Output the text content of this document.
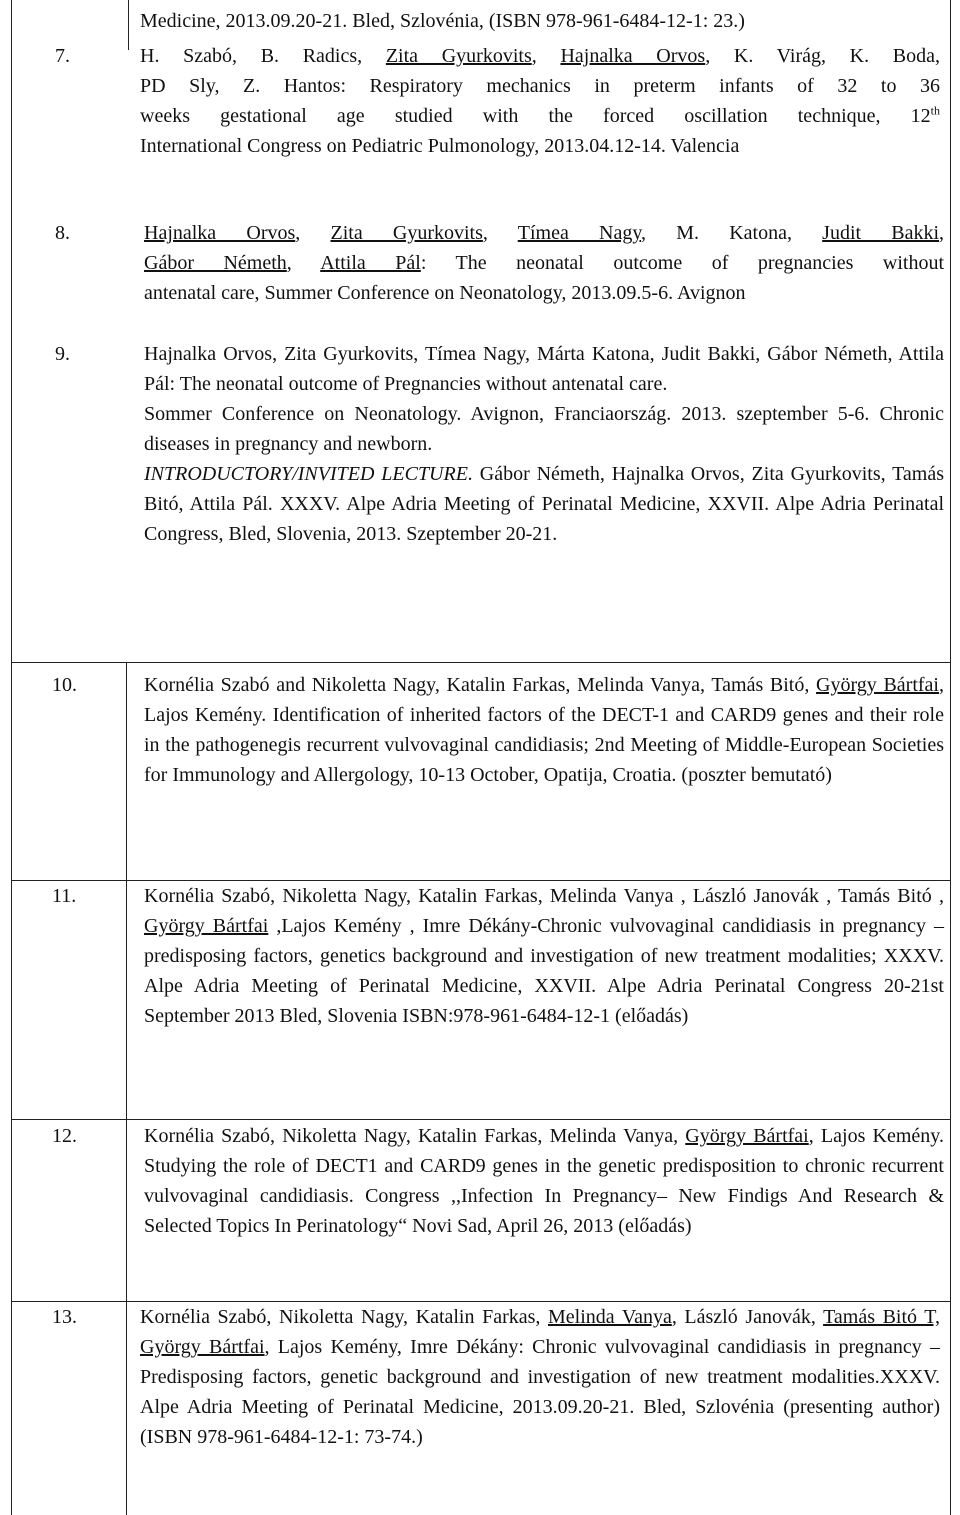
Medicine, 2013.09.20-21. Bled, Szlovénia, (ISBN 978-961-6484-12-1: 23.)
7.	H. Szabó, B. Radics, Zita Gyurkovits, Hajnalka Orvos, K. Virág, K. Boda,
PD Sly, Z. Hantos: Respiratory mechanics in preterm infants of 32 to 36
weeks gestational age studied with the forced oscillation technique, 12th
International Congress on Pediatric Pulmonology, 2013.04.12-14. Valencia
8.	Hajnalka Orvos, Zita Gyurkovits, Tímea Nagy, M. Katona, Judit Bakki,
Gábor Németh, Attila Pál: The neonatal outcome of pregnancies without
antenatal care, Summer Conference on Neonatology, 2013.09.5-6. Avignon
9.	Hajnalka Orvos, Zita Gyurkovits, Tímea Nagy, Márta Katona, Judit Bakki, Gábor Németh, Attila Pál: The neonatal outcome of Pregnancies without antenatal care.
Sommer Conference on Neonatology. Avignon, Franciaország. 2013. szeptember 5-6. Chronic diseases in pregnancy and newborn.
INTRODUCTORY/INVITED LECTURE. Gábor Németh, Hajnalka Orvos, Zita Gyurkovits, Tamás Bitó, Attila Pál. XXXV. Alpe Adria Meeting of Perinatal Medicine, XXVII. Alpe Adria Perinatal Congress, Bled, Slovenia, 2013. Szeptember 20-21.
10.	Kornélia Szabó and Nikoletta Nagy, Katalin Farkas, Melinda Vanya, Tamás Bitó, György Bártfai, Lajos Kemény. Identification of inherited factors of the DECT-1 and CARD9 genes and their role in the pathogenegis recurrent vulvovaginal candidiasis; 2nd Meeting of Middle-European Societies for Immunology and Allergology, 10-13 October, Opatija, Croatia. (poszter bemutató)
11.	Kornélia Szabó, Nikoletta Nagy, Katalin Farkas, Melinda Vanya , László Janovák , Tamás Bitó , György Bártfai ,Lajos Kemény , Imre Dékány-Chronic vulvovaginal candidiasis in pregnancy – predisposing factors, genetics background and investigation of new treatment modalities; XXXV. Alpe Adria Meeting of Perinatal Medicine, XXVII. Alpe Adria Perinatal Congress 20-21st September 2013 Bled, Slovenia ISBN:978-961-6484-12-1 (előadás)
12.	Kornélia Szabó, Nikoletta Nagy, Katalin Farkas, Melinda Vanya, György Bártfai, Lajos Kemény. Studying the role of DECT1 and CARD9 genes in the genetic predisposition to chronic recurrent vulvovaginal candidiasis. Congress ,,Infection In Pregnancy– New Findigs And Research & Selected Topics In Perinatology“ Novi Sad, April 26, 2013 (előadás)
13.	Kornélia Szabó, Nikoletta Nagy, Katalin Farkas, Melinda Vanya, László Janovák, Tamás Bitó T, György Bártfai, Lajos Kemény, Imre Dékány: Chronic vulvovaginal candidiasis in pregnancy – Predisposing factors, genetic background and investigation of new treatment modalities.XXXV. Alpe Adria Meeting of Perinatal Medicine, 2013.09.20-21. Bled, Szlovénia (presenting author) (ISBN 978-961-6484-12-1: 73-74.)
